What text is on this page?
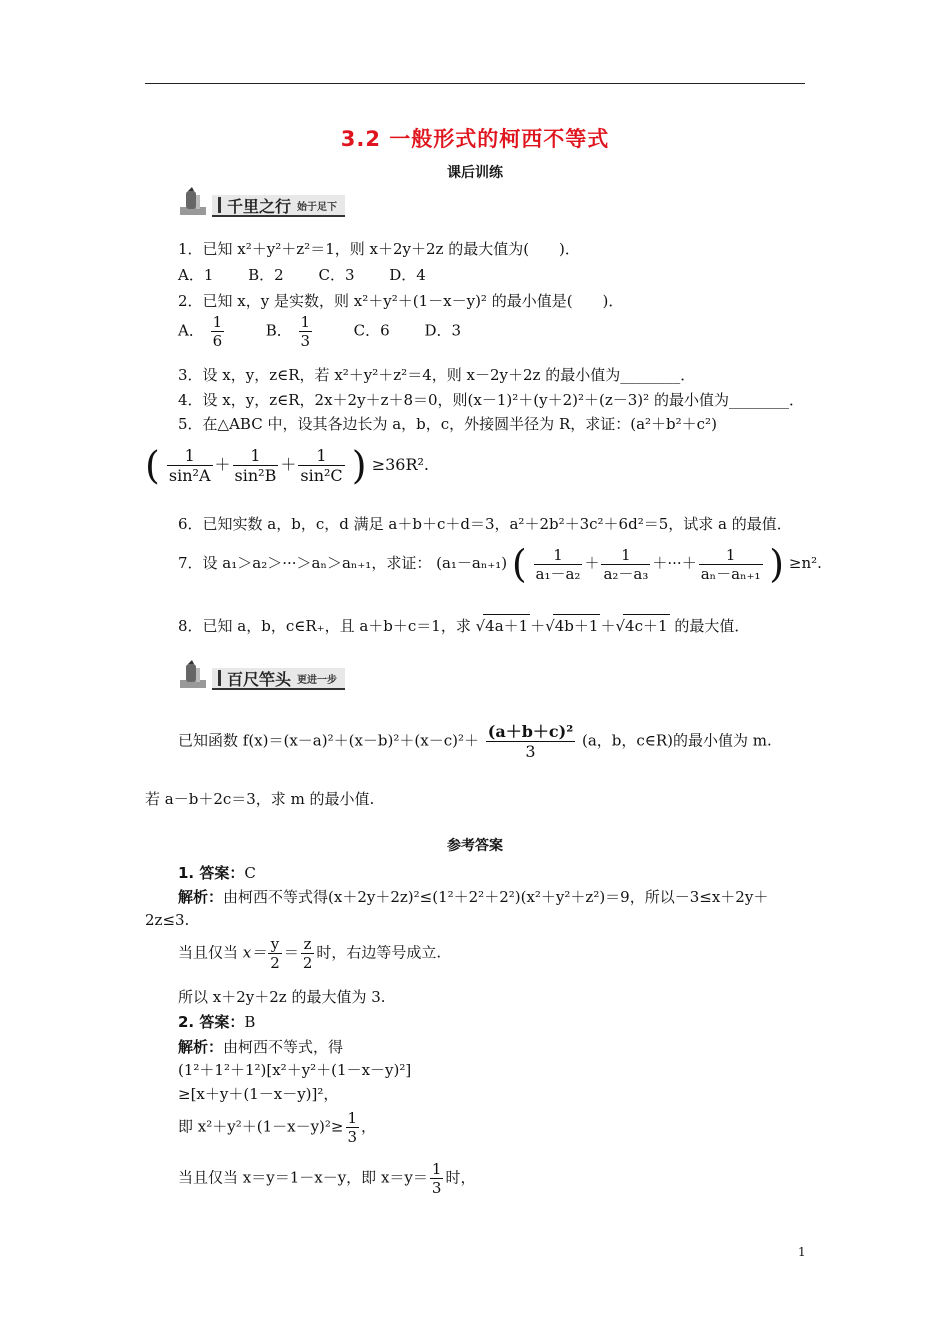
3.2 一般形式的柯西不等式
课后训练
千里之行 始于足下
1．已知 x²＋y²＋z²＝1，则 x＋2y＋2z 的最大值为(　　)．
A．1　　 B．2　　 C．3　　 D．4
2．已知 x，y 是实数，则 x²＋y²＋(1－x－y)² 的最小值是(　　)．
A． $\frac{1}{6}$	B． $\frac{1}{3}$	C．6　　 D．3
3．设 x，y，z∈R，若 x²＋y²＋z²＝4，则 x－2y＋2z 的最小值为________．
4．设 x，y，z∈R，2x＋2y＋z＋8＝0，则(x－1)²＋(y＋2)²＋(z－3)² 的最小值为________．
5．在△ABC 中，设其各边长为 a，b，c，外接圆半径为 R，求证：(a²＋b²＋c²)
( $\frac{1}{\text{sin²A}} + \frac{1}{\text{sin²B}} + \frac{1}{\text{sin²C}}$ ) ≥36R².
6．已知实数 a，b，c，d 满足 a＋b＋c＋d＝3，a²＋2b²＋3c²＋6d²＝5，试求 a 的最值．
7．设 a₁＞a₂＞···＞aₙ＞aₙ₊₁，求证： (a₁－aₙ₊₁) ( $\frac{1}{\text{a₁－a₂}} + \frac{1}{\text{a₂－a₃}}$ ＋···＋ $\frac{1}{\text{aₙ－aₙ₊₁}}$ ) ≥n².
8．已知 a，b，c∈R₊，且 a＋b＋c＝1，求 √4a＋1 ＋√4b＋1 ＋√4c＋1 的最大值．
百尺竿头 更进一步
已知函数 $f(x)=(x-a)^2+(x-b)^2+(x-c)^2+ \frac{\text{(a＋b＋c)²}}{3} (a$，b，c∈R)的最小值为 m.
若 a－b＋2c＝3，求 m 的最小值.
参考答案
1. 答案：C
解析：由柯西不等式得(x＋2y＋2z)²≤(1²＋2²＋2²)(x²＋y²＋z²)＝9，所以－3≤x＋2y＋
2z≤3.
当且仅当 $x= \frac{y}{2} = \frac{z}{2}$ 时，右边等号成立.
所以 x＋2y＋2z 的最大值为 3.
2. 答案：B
解析：由柯西不等式，得
(1²＋1²＋1²)[x²＋y²＋(1－x－y)²]
≥[x＋y＋(1－x－y)]²，
即 $x^2+y^2+(1-x-y)^2\ge \frac{1}{3}$ ，
当且仅当 x＝y＝1－x－y，即 $x=y= \frac{1}{3}$ 时，
1
